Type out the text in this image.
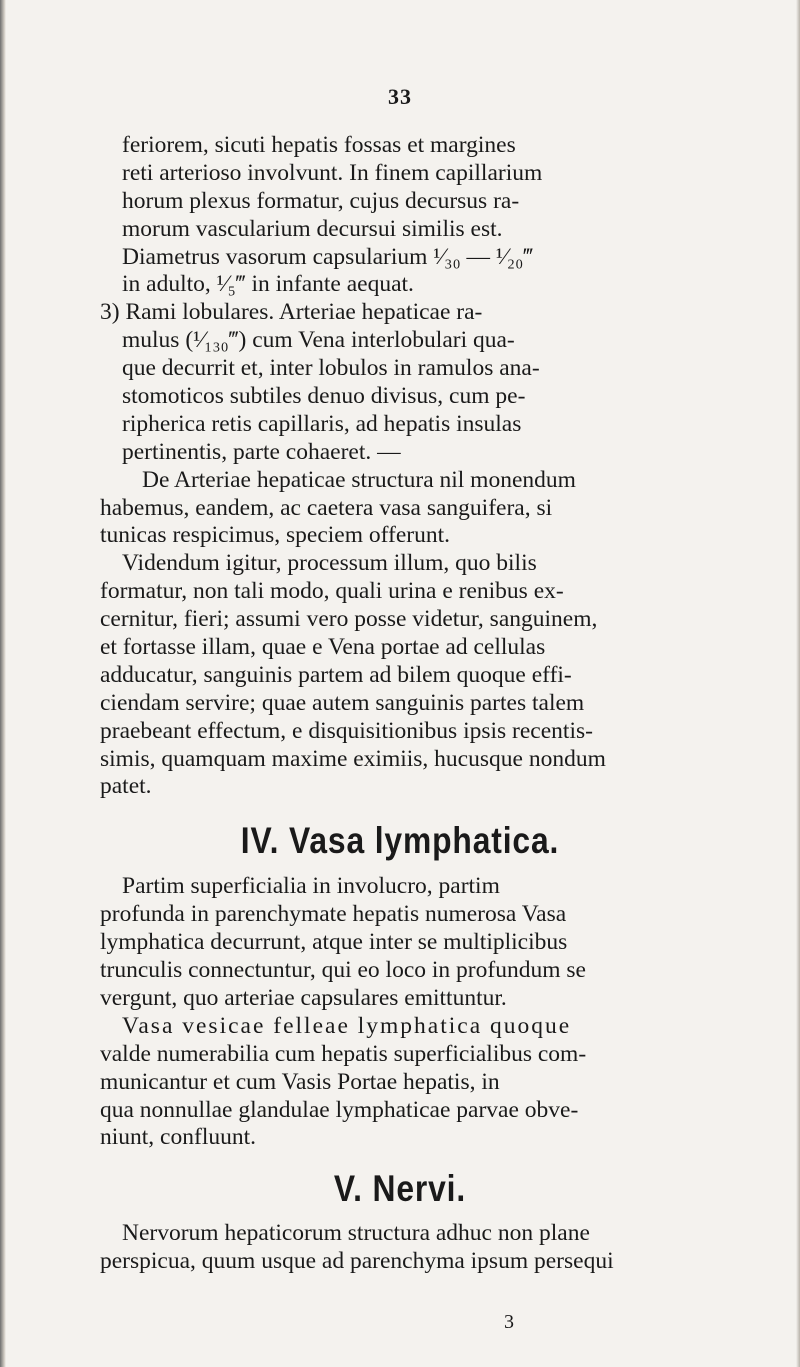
33
feriorem, sicuti hepatis fossas et margines
reti arterioso involvunt. In finem capillarium
horum plexus formatur, cujus decursus ra-
morum vascularium decursui similis est.
Diametrus vasorum capsularium ¹⁄₃₀ — ¹⁄₂₀‴
in adulto, ¹⁄₅‴ in infante aequat.
3) Rami lobulares. Arteriae hepaticae ra-
mulus (¹⁄₁₃₀‴) cum Vena interlobulari qua-
que decurrit et, inter lobulos in ramulos ana-
stomoticos subtiles denuo divisus, cum pe-
ripherica retis capillaris, ad hepatis insulas
pertinentis, parte cohaeret. —
De Arteriae hepaticae structura nil monendum
habemus, eandem, ac caetera vasa sanguifera, si
tunicas respicimus, speciem offerunt.
Videndum igitur, processum illum, quo bilis
formatur, non tali modo, quali urina e renibus ex-
cernitur, fieri; assumi vero posse videtur, sanguinem,
et fortasse illam, quae e Vena portae ad cellulas
adducatur, sanguinis partem ad bilem quoque effi-
ciendam servire; quae autem sanguinis partes talem
praebeant effectum, e disquisitionibus ipsis recentis-
simis, quamquam maxime eximiis, hucusque nondum
patet.
IV. Vasa lymphatica.
Partim superficialia in involucro, partim
profunda in parenchymate hepatis numerosa Vasa
lymphatica decurrunt, atque inter se multiplicibus
trunculis connectuntur, qui eo loco in profundum se
vergunt, quo arteriae capsulares emittuntur.
Vasa vesicae felleae lymphatica quoque
valde numerabilia cum hepatis superficialibus com-
municantur et cum Vasis Portae hepatis, in
qua nonnullae glandulae lymphaticae parvae obve-
niunt, confluunt.
V. Nervi.
Nervorum hepaticorum structura adhuc non plane
perspicua, quum usque ad parenchyma ipsum persequi
3
